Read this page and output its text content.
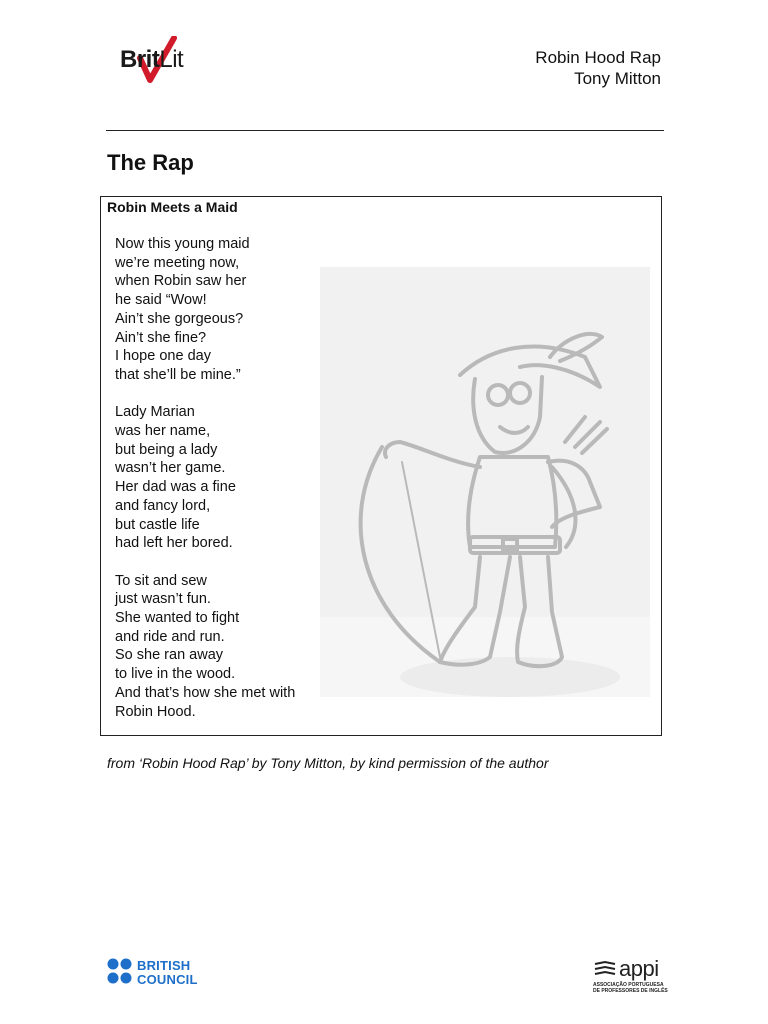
BritLit	Robin Hood Rap
Tony Mitton
The Rap
Robin Meets a Maid
Now this young maid
we’re meeting now,
when Robin saw her
he said “Wow!
Ain’t she gorgeous?
Ain’t she fine?
I hope one day
that she’ll be mine.”
Lady Marian
was her name,
but being a lady
wasn’t her game.
Her dad was a fine
and fancy lord,
but castle life
had left her bored.
To sit and sew
just wasn’t fun.
She wanted to fight
and ride and run.
So she ran away
to live in the wood.
And that’s how she met with
Robin Hood.
from ‘Robin Hood Rap’ by Tony Mitton, by kind permission of the author
BRITISH
COUNCIL	appi
ASSOCIAÇÃO PORTUGUESA
DE PROFESSORES DE INGLÊS
